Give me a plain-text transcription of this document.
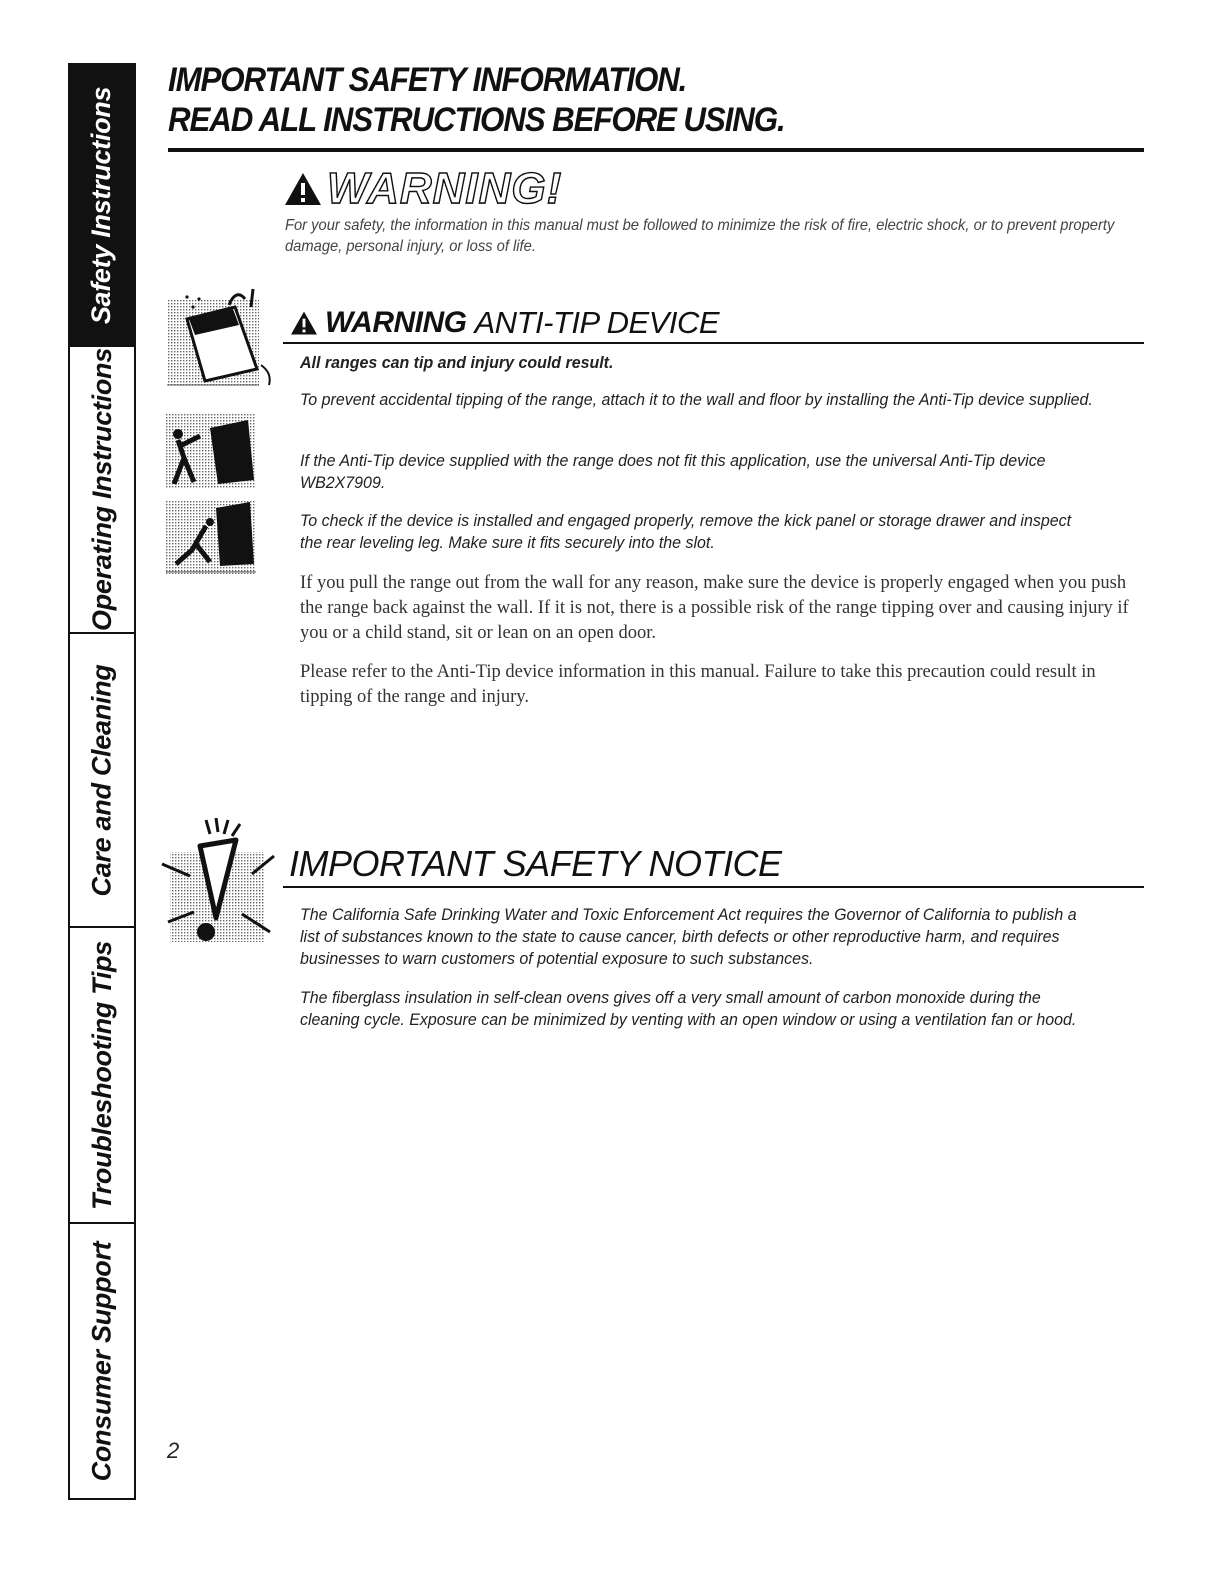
Safety Instructions
Operating Instructions
Care and Cleaning
Troubleshooting Tips
Consumer Support
IMPORTANT SAFETY INFORMATION.
READ ALL INSTRUCTIONS BEFORE USING.
WARNING!
For your safety, the information in this manual must be followed to minimize the risk of fire, electric shock, or to prevent property damage, personal injury, or loss of life.
WARNING ANTI-TIP DEVICE
All ranges can tip and injury could result.
To prevent accidental tipping of the range, attach it to the wall and floor by installing the Anti-Tip device supplied.
If the Anti-Tip device supplied with the range does not fit this application, use the universal Anti-Tip device WB2X7909.
To check if the device is installed and engaged properly, remove the kick panel or storage drawer and inspect the rear leveling leg. Make sure it fits securely into the slot.
If you pull the range out from the wall for any reason, make sure the device is properly engaged when you push the range back against the wall. If it is not, there is a possible risk of the range tipping over and causing injury if you or a child stand, sit or lean on an open door.
Please refer to the Anti-Tip device information in this manual. Failure to take this precaution could result in tipping of the range and injury.
IMPORTANT SAFETY NOTICE
The California Safe Drinking Water and Toxic Enforcement Act requires the Governor of California to publish a list of substances known to the state to cause cancer, birth defects or other reproductive harm, and requires businesses to warn customers of potential exposure to such substances.
The fiberglass insulation in self-clean ovens gives off a very small amount of carbon monoxide during the cleaning cycle. Exposure can be minimized by venting with an open window or using a ventilation fan or hood.
2
